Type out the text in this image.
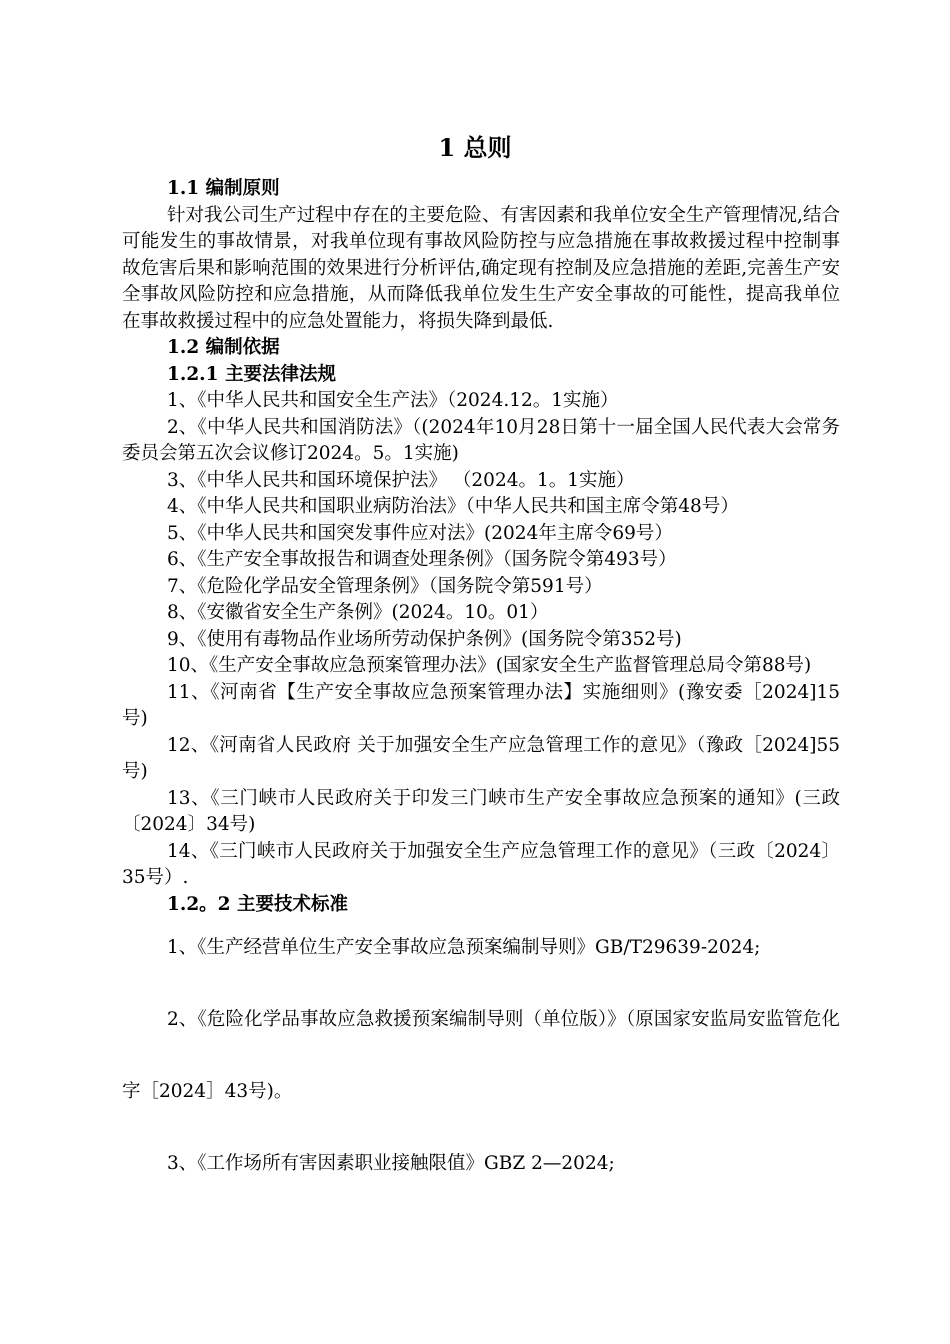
1 总则
1.1 编制原则
针对我公司生产过程中存在的主要危险、有害因素和我单位安全生产管理情况,结合可能发生的事故情景，对我单位现有事故风险防控与应急措施在事故救援过程中控制事故危害后果和影响范围的效果进行分析评估,确定现有控制及应急措施的差距,完善生产安全事故风险防控和应急措施，从而降低我单位发生生产安全事故的可能性，提高我单位在事故救援过程中的应急处置能力，将损失降到最低.
1.2 编制依据
1.2.1 主要法律法规
1、《中华人民共和国安全生产法》（2024.12。1实施）
2、《中华人民共和国消防法》（(2024年10月28日第十一届全国人民代表大会常务委员会第五次会议修订2024。5。1实施)
3、《中华人民共和国环境保护法》 （2024。1。1实施）
4、《中华人民共和国职业病防治法》（中华人民共和国主席令第48号）
5、《中华人民共和国突发事件应对法》(2024年主席令69号）
6、《生产安全事故报告和调查处理条例》（国务院令第493号）
7、《危险化学品安全管理条例》（国务院令第591号）
8、《安徽省安全生产条例》(2024。10。01）
9、《使用有毒物品作业场所劳动保护条例》(国务院令第352号)
10、《生产安全事故应急预案管理办法》(国家安全生产监督管理总局令第88号)
11、《河南省【生产安全事故应急预案管理办法】实施细则》(豫安委［2024]15号)
12、《河南省人民政府 关于加强安全生产应急管理工作的意见》（豫政［2024]55 号)
13、《三门峡市人民政府关于印发三门峡市生产安全事故应急预案的通知》(三政〔2024〕34号)
14、《三门峡市人民政府关于加强安全生产应急管理工作的意见》（三政〔2024〕35号）.
1.2。2 主要技术标准
1、《生产经营单位生产安全事故应急预案编制导则》GB/T29639-2024;
2、《危险化学品事故应急救援预案编制导则（单位版）》（原国家安监局安监管危化字［2024］43号)。
3、《工作场所有害因素职业接触限值》GBZ 2—2024;
